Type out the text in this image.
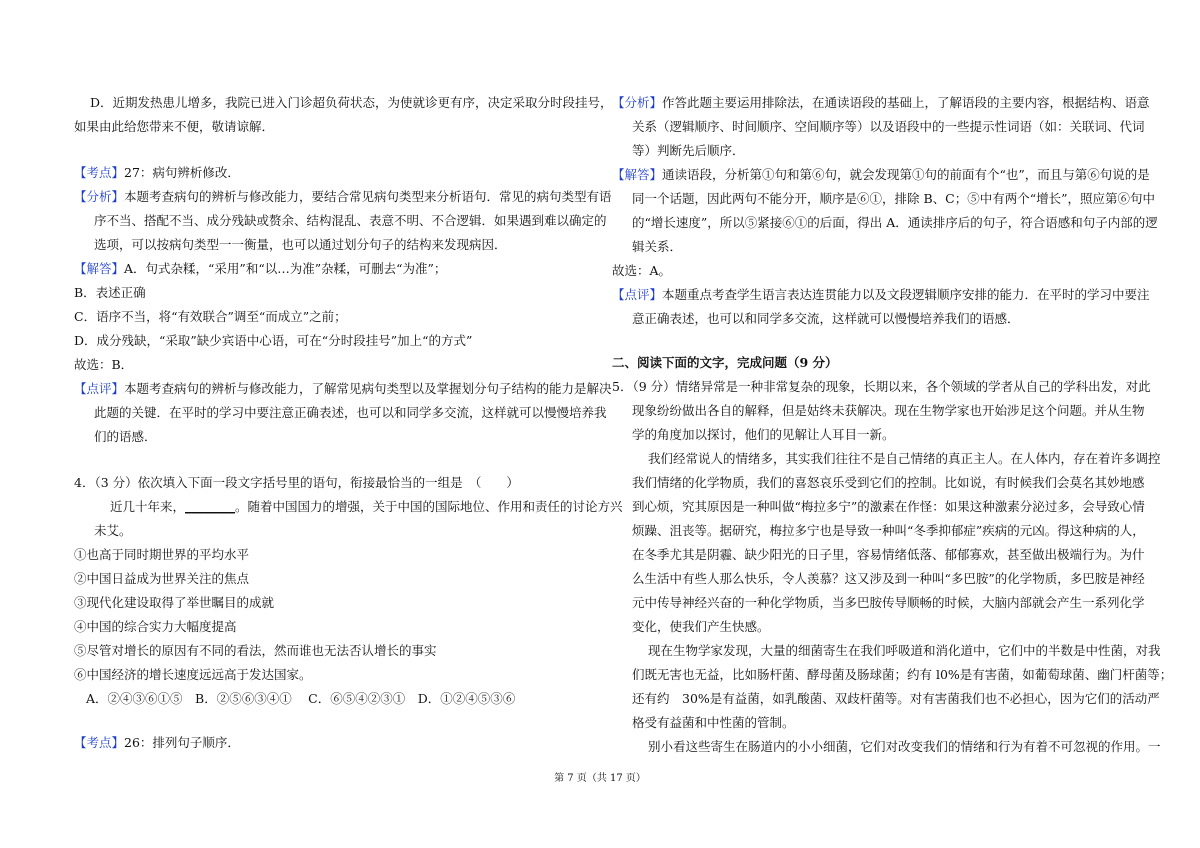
D．近期发热患儿增多，我院已进入门诊超负荷状态，为使就诊更有序，决定采取分时段挂号，
如果由此给您带来不便，敬请谅解．
【考点】27：病句辨析修改．
【分析】本题考查病句的辨析与修改能力，要结合常见病句类型来分析语句．常见的病句类型有语
序不当、搭配不当、成分残缺或赘余、结构混乱、表意不明、不合逻辑．如果遇到难以确定的
选项，可以按病句类型一一衡量，也可以通过划分句子的结构来发现病因．
【解答】A．句式杂糅，“采用”和“以…为准”杂糅，可删去“为准”；
B．表述正确
C．语序不当，将“有效联合”调至“而成立”之前；
D．成分残缺，“采取”缺少宾语中心语，可在“分时段挂号”加上“的方式”
故选：B．
【点评】本题考查病句的辨析与修改能力，了解常见病句类型以及掌握划分句子结构的能力是解决
此题的关键．在平时的学习中要注意正确表述，也可以和同学多交流，这样就可以慢慢培养我
们的语感．
4．（3 分）依次填入下面一段文字括号里的语句，衔接最恰当的一组是　（　　）
近几十年来，________。随着中国国力的增强，关于中国的国际地位、作用和责任的讨论方兴
未艾。
①也高于同时期世界的平均水平
②中国日益成为世界关注的焦点
③现代化建设取得了举世瞩目的成就
④中国的综合实力大幅度提高
⑤尽管对增长的原因有不同的看法，然而谁也无法否认增长的事实
⑥中国经济的增长速度远远高于发达国家。
A．②④③⑥①⑤　B．②⑤⑥③④①　 C．⑥⑤④②③①　D．①②④⑤③⑥
【考点】26：排列句子顺序．
【分析】作答此题主要运用排除法，在通读语段的基础上，了解语段的主要内容，根据结构、语意
关系（逻辑顺序、时间顺序、空间顺序等）以及语段中的一些提示性词语（如：关联词、代词
等）判断先后顺序．
【解答】通读语段，分析第①句和第⑥句，就会发现第①句的前面有个“也”，而且与第⑥句说的是
同一个话题，因此两句不能分开，顺序是⑥①，排除 B、C；⑤中有两个“增长”，照应第⑥句中
的“增长速度”，所以⑤紧接⑥①的后面，得出 A．通读排序后的句子，符合语感和句子内部的逻
辑关系．
故选：A。
【点评】本题重点考查学生语言表达连贯能力以及文段逻辑顺序安排的能力．在平时的学习中要注
意正确表述，也可以和同学多交流，这样就可以慢慢培养我们的语感．
二、阅读下面的文字，完成问题（9 分）
5．（9 分）情绪异常是一种非常复杂的现象，长期以来，各个领域的学者从自己的学科出发，对此
现象纷纷做出各自的解释，但是姑终未获解决。现在生物学家也开始涉足这个问题。并从生物
学的角度加以探讨，他们的见解让人耳目一新。
我们经常说人的情绪多，其实我们往往不是自己情绪的真正主人。在人体内，存在着许多调控
我们情绪的化学物质，我们的喜怒哀乐受到它们的控制。比如说，有时候我们会莫名其妙地感
到心烦，究其原因是一种叫做“梅拉多宁”的激素在作怪：如果这种激素分泌过多，会导致心情
烦躁、沮丧等。据研究，梅拉多宁也是导致一种叫“冬季抑郁症”疾病的元凶。得这种病的人，
在冬季尤其是阴霾、缺少阳光的日子里，容易情绪低落、郁郁寡欢，甚至做出极端行为。为什
么生活中有些人那么快乐，令人羡慕？这又涉及到一种叫“多巴胺”的化学物质，多巴胺是神经
元中传导神经兴奋的一种化学物质，当多巴胺传导顺畅的时候，大脑内部就会产生一系列化学
变化，使我们产生快感。
现在生物学家发现，大量的细菌寄生在我们呼吸道和消化道中，它们中的半数是中性菌，对我
们既无害也无益，比如肠杆菌、酵母菌及肠球菌；约有 l0%是有害菌，如葡萄球菌、幽门杆菌等；
还有约　30%是有益菌，如乳酸菌、双歧杆菌等。对有害菌我们也不必担心，因为它们的活动严
格受有益菌和中性菌的管制。
别小看这些寄生在肠道内的小小细菌，它们对改变我们的情绪和行为有着不可忽视的作用。一
第 7 页（共 17 页）
